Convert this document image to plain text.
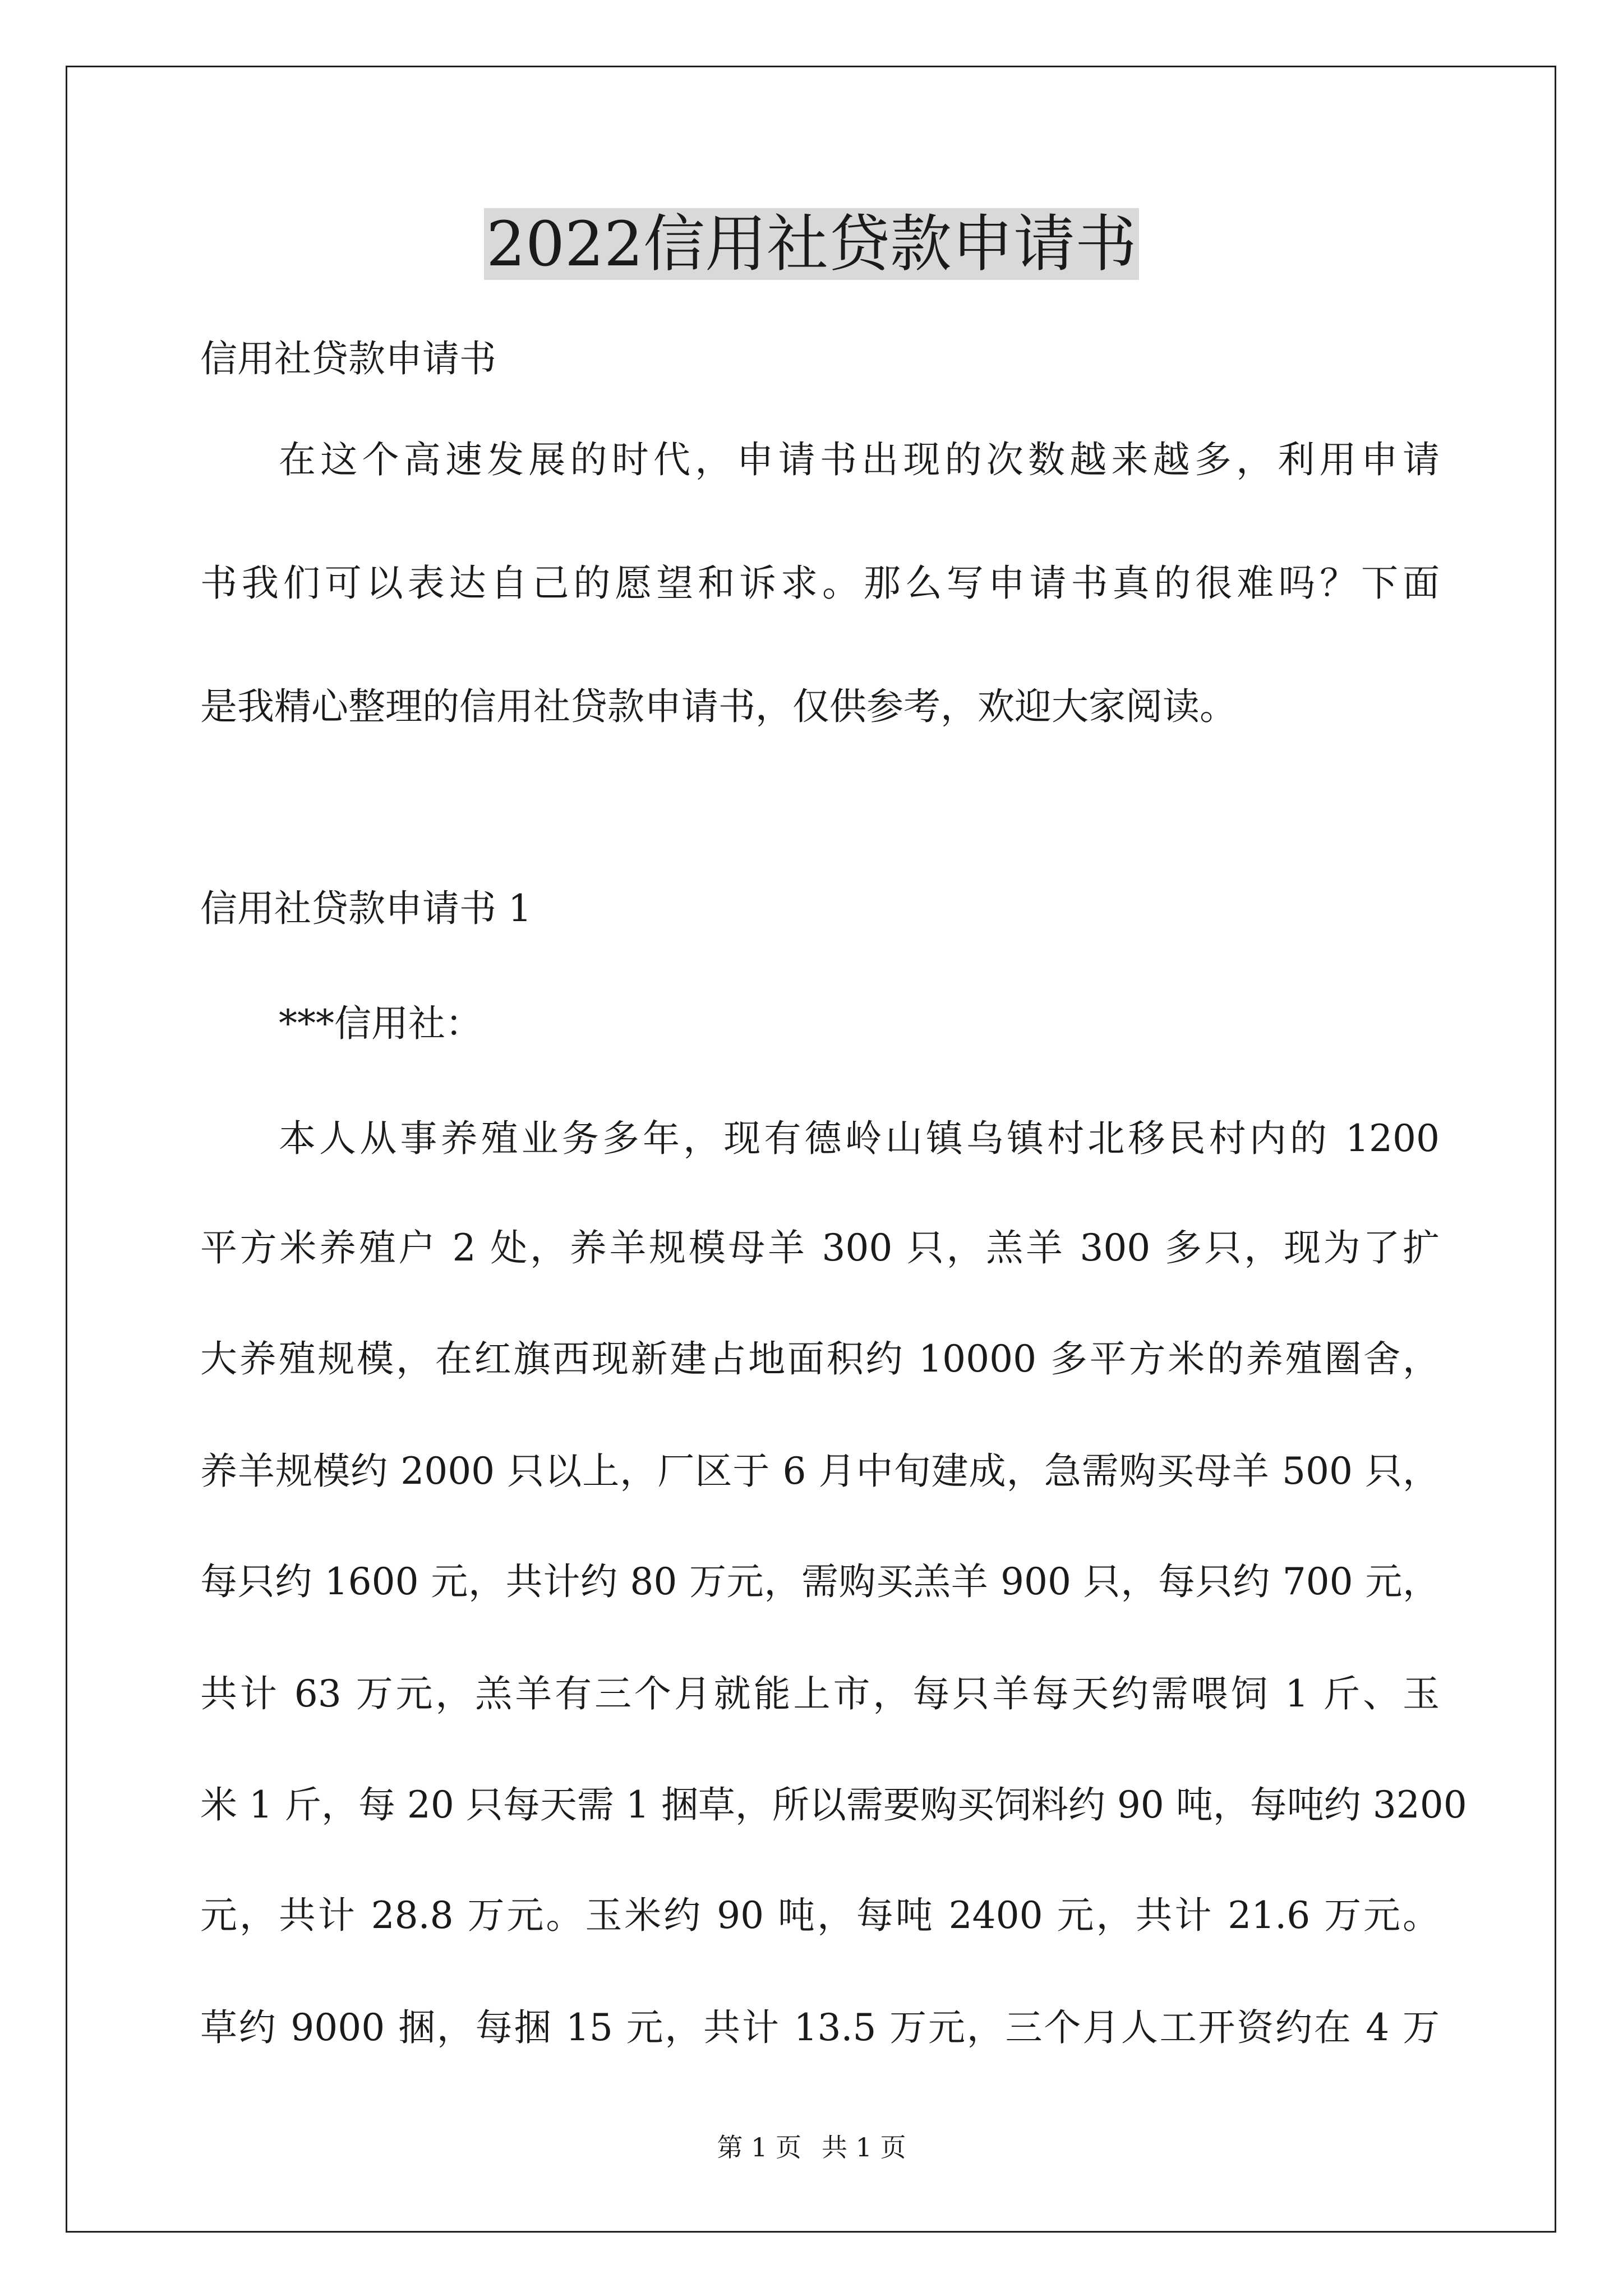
2022信用社贷款申请书
信用社贷款申请书
在这个高速发展的时代，申请书出现的次数越来越多，利用申请
书我们可以表达自己的愿望和诉求。那么写申请书真的很难吗？下面
是我精心整理的信用社贷款申请书，仅供参考，欢迎大家阅读。
信用社贷款申请书 1
***信用社：
本人从事养殖业务多年，现有德岭山镇乌镇村北移民村内的 1200
平方米养殖户 2 处，养羊规模母羊 300 只，羔羊 300 多只，现为了扩
大养殖规模，在红旗西现新建占地面积约 10000 多平方米的养殖圈舍，
养羊规模约 2000 只以上，厂区于 6 月中旬建成，急需购买母羊 500 只，
每只约 1600 元，共计约 80 万元，需购买羔羊 900 只，每只约 700 元，
共计 63 万元，羔羊有三个月就能上市，每只羊每天约需喂饲 1 斤、玉
米 1 斤，每 20 只每天需 1 捆草，所以需要购买饲料约 90 吨，每吨约 3200
元，共计 28.8 万元。玉米约 90 吨，每吨 2400 元，共计 21.6 万元。
草约 9000 捆，每捆 15 元，共计 13.5 万元，三个月人工开资约在 4 万
第 1 页 共 1 页
